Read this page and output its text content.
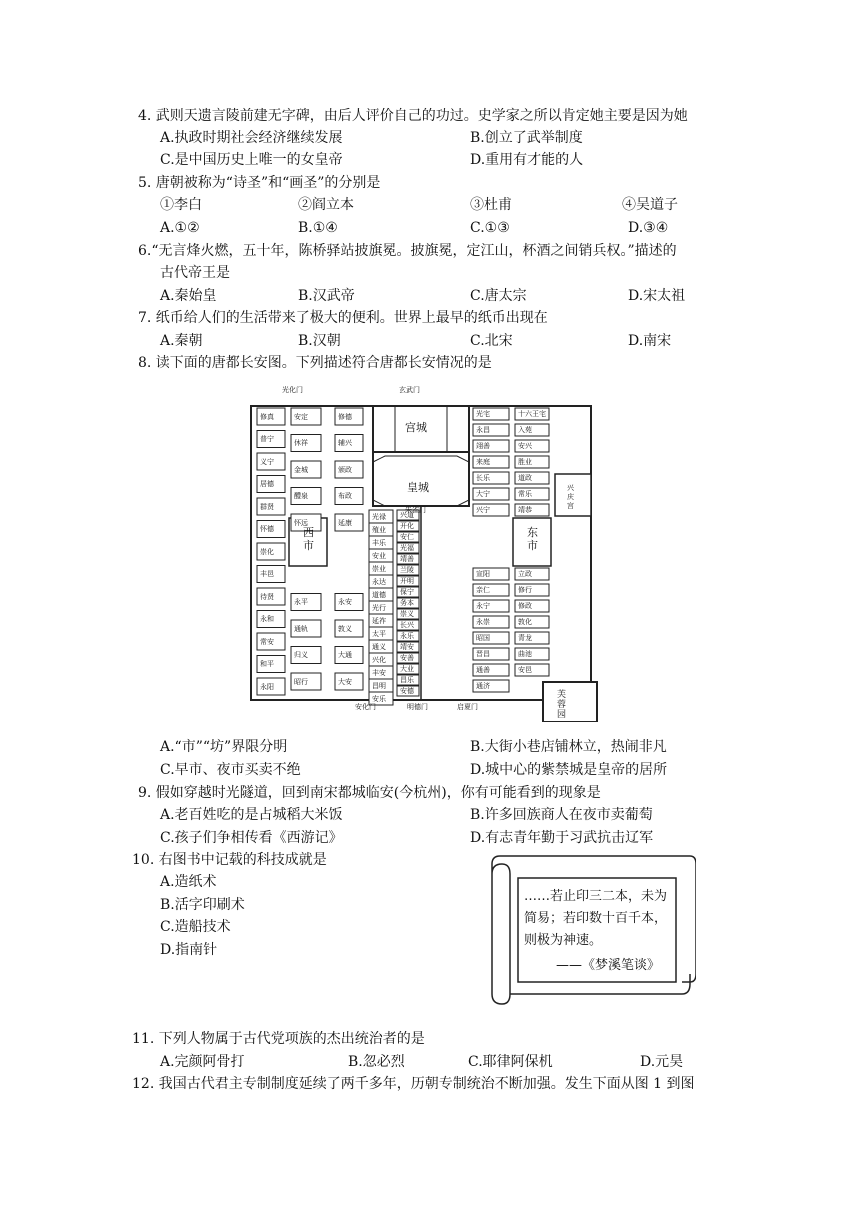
4. 武则天遗言陵前建无字碑，由后人评价自己的功过。史学家之所以肯定她主要是因为她
A.执政时期社会经济继续发展	B.创立了武举制度
C.是中国历史上唯一的女皇帝	D.重用有才能的人
5. 唐朝被称为“诗圣”和“画圣”的分别是
①李白	②阎立本	③杜甫	④吴道子
A.①②	B.①④	C.①③	D.③④
6.“无言烽火燃，五十年，陈桥驿站披旗冕。披旗冕，定江山，杯酒之间销兵权。”描述的
古代帝王是
A.秦始皇	B.汉武帝	C.唐太宗	D.宋太祖
7. 纸币给人们的生活带来了极大的便利。世界上最早的纸币出现在
A.秦朝	B.汉朝	C.北宋	D.南宋
8. 读下面的唐都长安图。下列描述符合唐都长安情况的是
光化门	玄武门
宫城
皇城
朱雀门
西市
东市
兴庆宫
芙蓉园
安化门	明德门	启夏门
修真
普宁
义宁
居德
群贤
怀德
崇化
丰邑
待贤
永和
常安
和平
永阳
安定
休祥
金城
醴泉
怀远
永平
通轨
归义
昭行
修德
辅兴
颁政
布政
延康
永安
敦义
大通
大安
光禄
殖业
丰乐
安业
崇业
永达
道德
光行
延祚
太平
通义
兴化
丰安
昌明
安乐
兴道
开化
安仁
光福
靖善
兰陵
开明
保宁
务本
崇义
长兴
永乐
靖安
安善
大业
昌乐
安德
光宅
永昌
翊善
来庭
长乐
大宁
兴宁
宣阳
亲仁
永宁
永崇
昭国
晋昌
通善
通济
十六王宅
入苑
安兴
胜业
道政
常乐
靖恭
立政
修行
修政
敦化
青龙
曲池
安邑
A.“市”“坊”界限分明	B.大街小巷店铺林立，热闹非凡
C.早市、夜市买卖不绝	D.城中心的紫禁城是皇帝的居所
9. 假如穿越时光隧道，回到南宋都城临安(今杭州)，你有可能看到的现象是
A.老百姓吃的是占城稻大米饭	B.许多回族商人在夜市卖葡萄
C.孩子们争相传看《西游记》	D.有志青年勤于习武抗击辽军
10. 右图书中记载的科技成就是
A.造纸术
B.活字印刷术
C.造船技术
D.指南针
……若止印三二本，未为简易；若印数十百千本，则极为神速。
——《梦溪笔谈》
11. 下列人物属于古代党项族的杰出统治者的是
A.完颜阿骨打	B.忽必烈	C.耶律阿保机	D.元昊
12. 我国古代君主专制制度延续了两千多年，历朝专制统治不断加强。发生下面从图 1 到图
